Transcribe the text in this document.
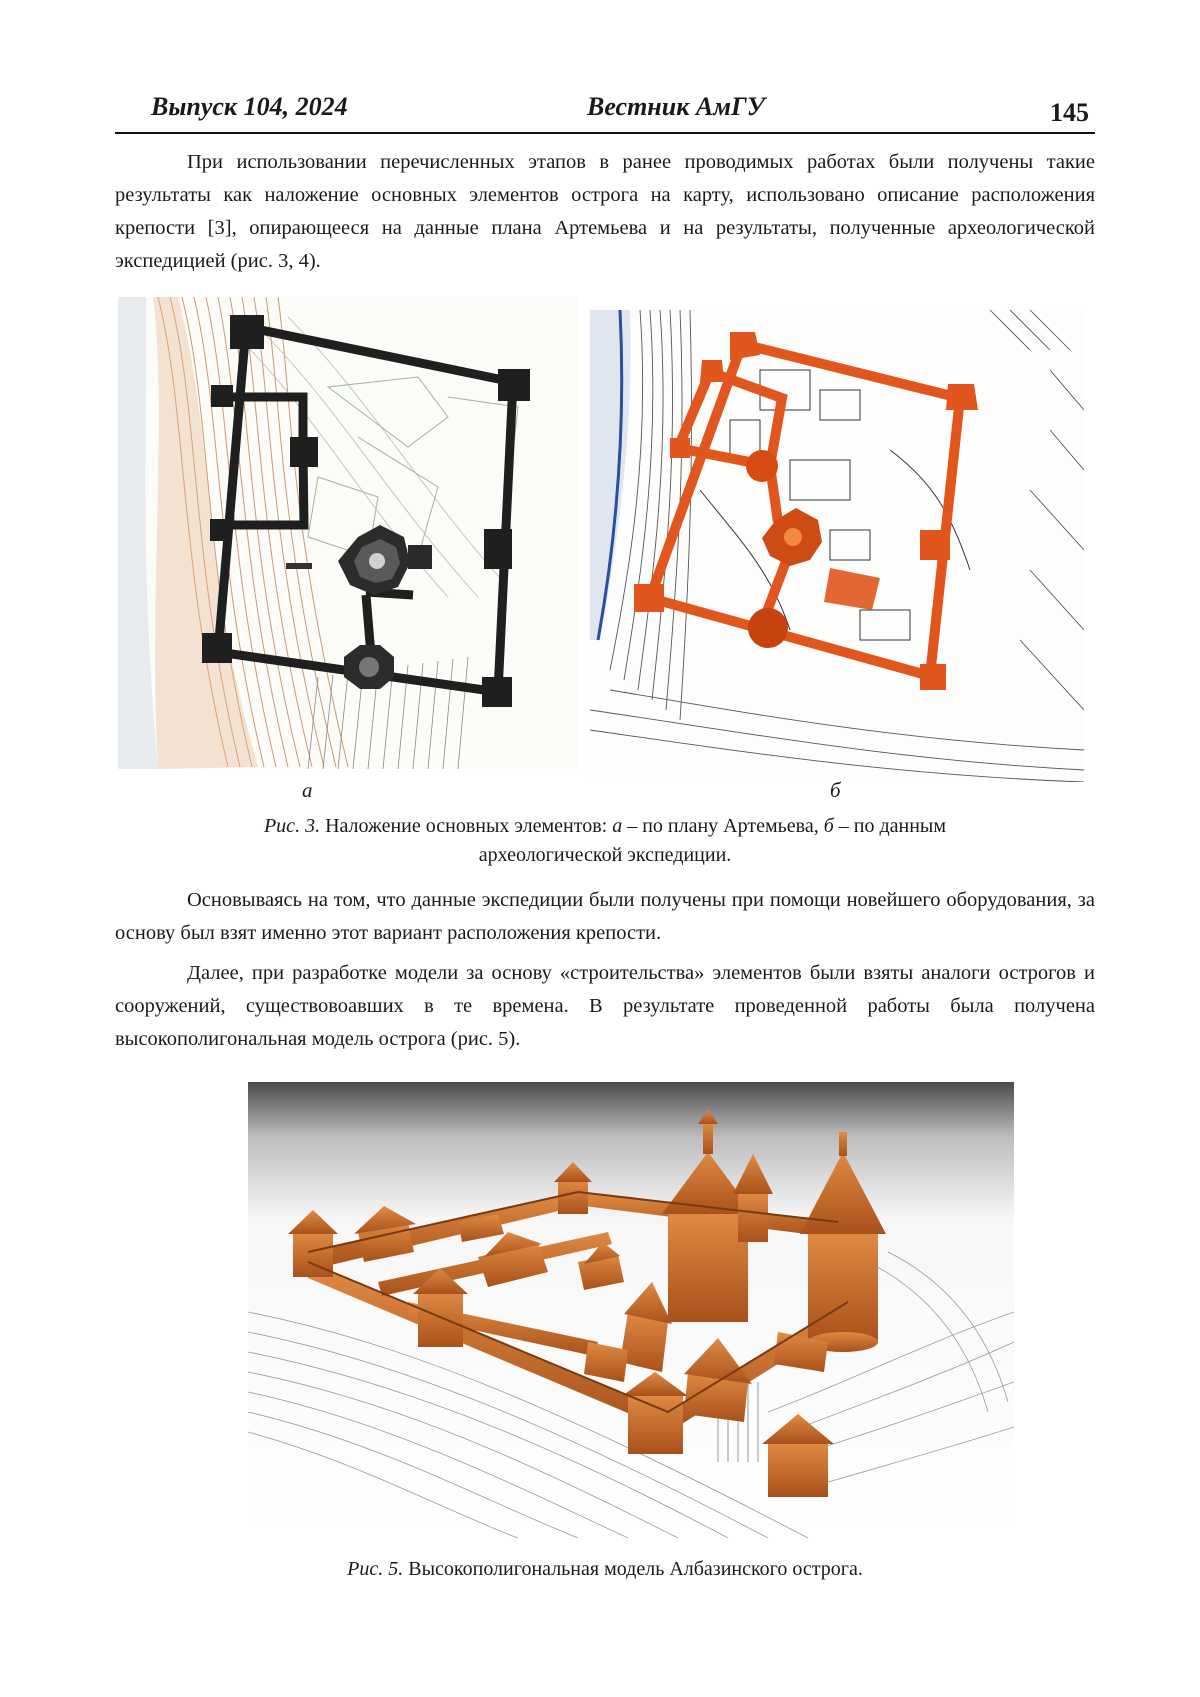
Выпуск 104, 2024	Вестник АмГУ	145

При использовании перечисленных этапов в ранее проводимых работах были получены такие результаты как наложение основных элементов острога на карту, использовано описание расположения крепости [3], опирающееся на данные плана Артемьева и на результаты, полученные археологической экспедицией (рис. 3, 4).

а	б
Рис. 3. Наложение основных элементов: а – по плану Артемьева, б – по данным
археологической экспедиции.

Основываясь на том, что данные экспедиции были получены при помощи новейшего оборудования, за основу был взят именно этот вариант расположения крепости.

Далее, при разработке модели за основу «строительства» элементов были взяты аналоги острогов и сооружений, существовоавших в те времена. В результате проведенной работы была получена высокополигональная модель острога (рис. 5).

Рис. 5. Высокополигональная модель Албазинского острога.
